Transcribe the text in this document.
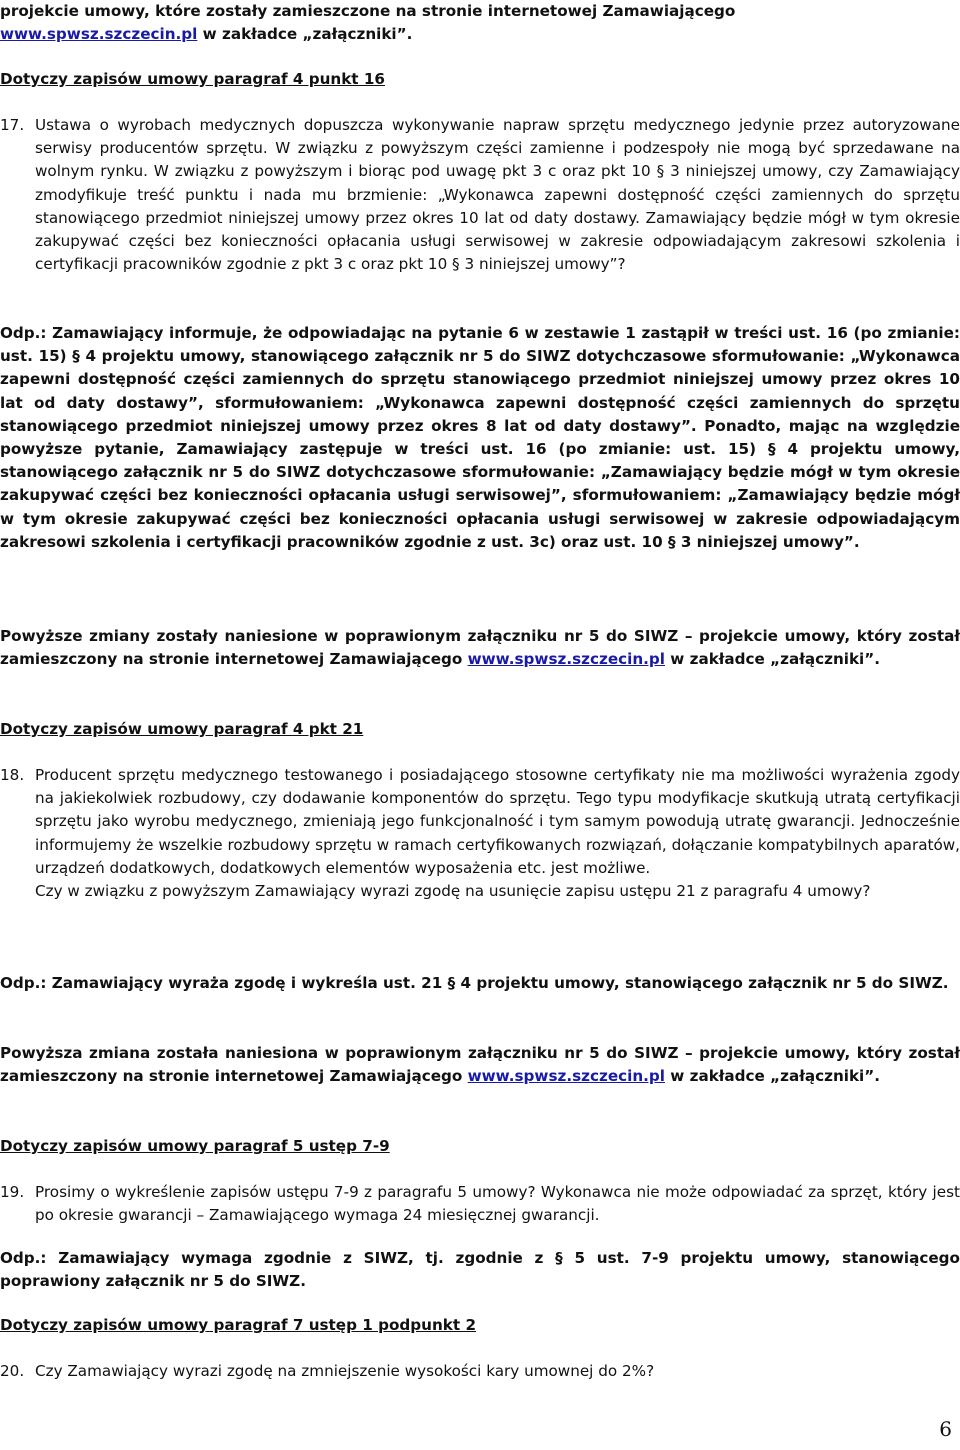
projekcie umowy, które zostały zamieszczone na stronie internetowej Zamawiającego
www.spwsz.szczecin.pl w zakładce „załączniki”.

Dotyczy zapisów umowy paragraf 4 punkt 16

17. Ustawa o wyrobach medycznych dopuszcza wykonywanie napraw sprzętu medycznego jedynie przez autoryzowane serwisy producentów sprzętu. W związku z powyższym części zamienne i podzespoły nie mogą być sprzedawane na wolnym rynku. W związku z powyższym i biorąc pod uwagę pkt 3 c oraz pkt 10 § 3 niniejszej umowy, czy Zamawiający zmodyfikuje treść punktu i nada mu brzmienie: „Wykonawca zapewni dostępność części zamiennych do sprzętu stanowiącego przedmiot niniejszej umowy przez okres 10 lat od daty dostawy. Zamawiający będzie mógł w tym okresie zakupywać części bez konieczności opłacania usługi serwisowej w zakresie odpowiadającym zakresowi szkolenia i certyfikacji pracowników zgodnie z pkt 3 c oraz pkt 10 § 3 niniejszej umowy”?

Odp.: Zamawiający informuje, że odpowiadając na pytanie 6 w zestawie 1 zastąpił w treści ust. 16 (po zmianie: ust. 15) § 4 projektu umowy, stanowiącego załącznik nr 5 do SIWZ dotychczasowe sformułowanie: „Wykonawca zapewni dostępność części zamiennych do sprzętu stanowiącego przedmiot niniejszej umowy przez okres 10 lat od daty dostawy”, sformułowaniem: „Wykonawca zapewni dostępność części zamiennych do sprzętu stanowiącego przedmiot niniejszej umowy przez okres 8 lat od daty dostawy”. Ponadto, mając na względzie powyższe pytanie, Zamawiający zastępuje w treści ust. 16 (po zmianie: ust. 15) § 4 projektu umowy, stanowiącego załącznik nr 5 do SIWZ dotychczasowe sformułowanie: „Zamawiający będzie mógł w tym okresie zakupywać części bez konieczności opłacania usługi serwisowej”, sformułowaniem: „Zamawiający będzie mógł w tym okresie zakupywać części bez konieczności opłacania usługi serwisowej w zakresie odpowiadającym zakresowi szkolenia i certyfikacji pracowników zgodnie z ust. 3c) oraz ust. 10 § 3 niniejszej umowy”.

Powyższe zmiany zostały naniesione w poprawionym załączniku nr 5 do SIWZ – projekcie umowy, który został zamieszczony na stronie internetowej Zamawiającego www.spwsz.szczecin.pl w zakładce „załączniki”.

Dotyczy zapisów umowy paragraf 4 pkt 21

18. Producent sprzętu medycznego testowanego i posiadającego stosowne certyfikaty nie ma możliwości wyrażenia zgody na jakiekolwiek rozbudowy, czy dodawanie komponentów do sprzętu. Tego typu modyfikacje skutkują utratą certyfikacji sprzętu jako wyrobu medycznego, zmieniają jego funkcjonalność i tym samym powodują utratę gwarancji. Jednocześnie informujemy że wszelkie rozbudowy sprzętu w ramach certyfikowanych rozwiązań, dołączanie kompatybilnych aparatów, urządzeń dodatkowych, dodatkowych elementów wyposażenia etc. jest możliwe.
Czy w związku z powyższym Zamawiający wyrazi zgodę na usunięcie zapisu ustępu 21 z paragrafu 4 umowy?

Odp.: Zamawiający wyraża zgodę i wykreśla ust. 21 § 4 projektu umowy, stanowiącego załącznik nr 5 do SIWZ.

Powyższa zmiana została naniesiona w poprawionym załączniku nr 5 do SIWZ – projekcie umowy, który został zamieszczony na stronie internetowej Zamawiającego www.spwsz.szczecin.pl w zakładce „załączniki”.

Dotyczy zapisów umowy paragraf 5 ustęp 7-9

19. Prosimy o wykreślenie zapisów ustępu 7-9 z paragrafu 5 umowy? Wykonawca nie może odpowiadać za sprzęt, który jest po okresie gwarancji – Zamawiającego wymaga 24 miesięcznej gwarancji.

Odp.: Zamawiający wymaga zgodnie z SIWZ, tj. zgodnie z § 5 ust. 7-9 projektu umowy, stanowiącego poprawiony załącznik nr 5 do SIWZ.

Dotyczy zapisów umowy paragraf 7 ustęp 1 podpunkt 2

20. Czy Zamawiający wyrazi zgodę na zmniejszenie wysokości kary umownej do 2%?
6
